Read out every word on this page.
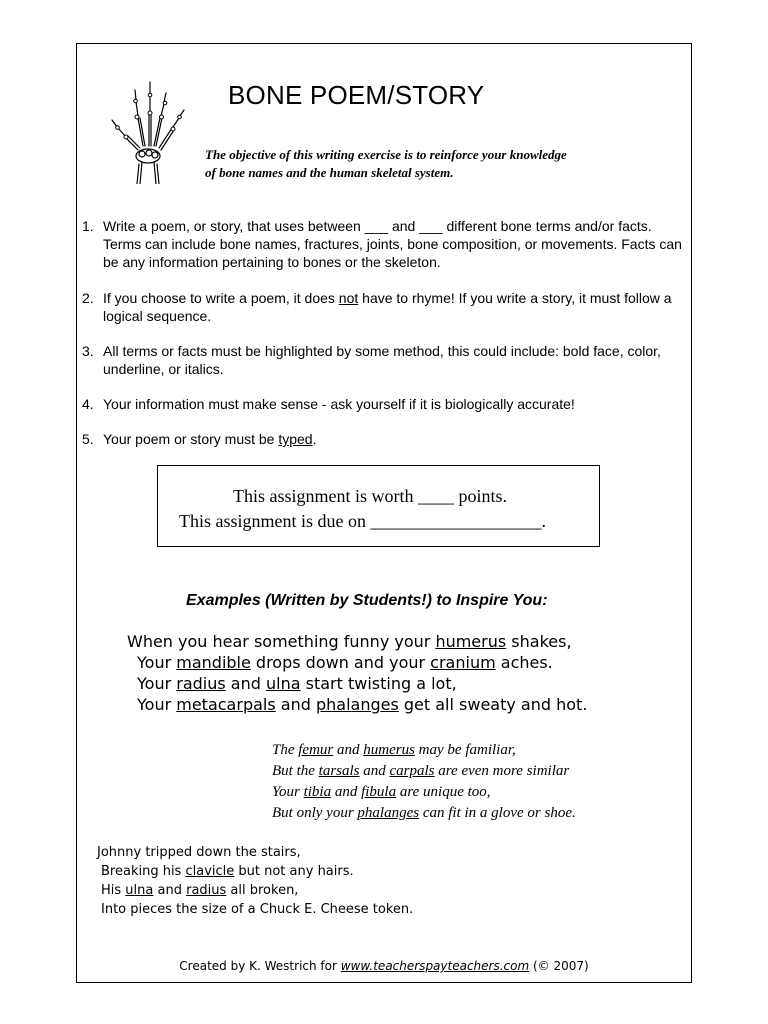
BONE POEM/STORY
The objective of this writing exercise is to reinforce your knowledge
of bone names and the human skeletal system.
1. Write a poem, or story, that uses between ___ and ___ different bone terms and/or facts. Terms can include bone names, fractures, joints, bone composition, or movements. Facts can be any information pertaining to bones or the skeleton.
2. If you choose to write a poem, it does not have to rhyme! If you write a story, it must follow a logical sequence.
3. All terms or facts must be highlighted by some method, this could include: bold face, color, underline, or italics.
4. Your information must make sense - ask yourself if it is biologically accurate!
5. Your poem or story must be typed.
This assignment is worth ____ points.
This assignment is due on ___________________.
Examples (Written by Students!) to Inspire You:
When you hear something funny your humerus shakes,
Your mandible drops down and your cranium aches.
Your radius and ulna start twisting a lot,
Your metacarpals and phalanges get all sweaty and hot.
The femur and humerus may be familiar,
But the tarsals and carpals are even more similar
Your tibia and fibula are unique too,
But only your phalanges can fit in a glove or shoe.
Johnny tripped down the stairs,
Breaking his clavicle but not any hairs.
His ulna and radius all broken,
Into pieces the size of a Chuck E. Cheese token.
Created by K. Westrich for www.teacherspayteachers.com (© 2007)
